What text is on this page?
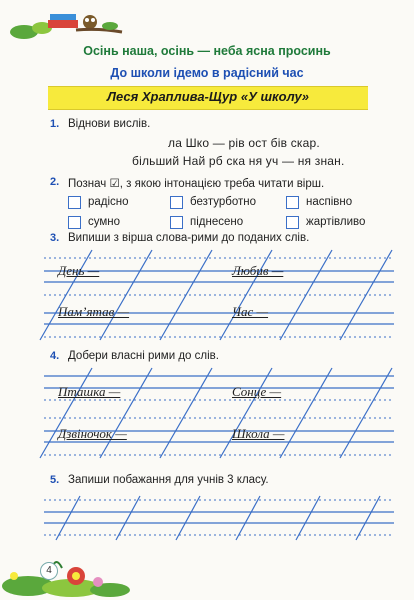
Осінь наша, осінь — неба ясна просинь
До школи ідемо в радісний час
Леся Храплива-Щур «У школу»
1. Віднови вислів.
ла Шко — рів ост бів скар.
більший Най рб ска ня уч — ня знан.
2. Познач ☑, з якою інтонацією треба читати вірш.
радісно	безтурботно	наспівно
сумно	піднесено	жартівливо
3. Випиши з вірша слова-рими до поданих слів.
День —	Любив —
Пам’ятав —	Час —
4. Добери власні рими до слів.
Пташка —	Сонце —
Дзвіночок —	Школа —
5. Запиши побажання для учнів 3 класу.
4
